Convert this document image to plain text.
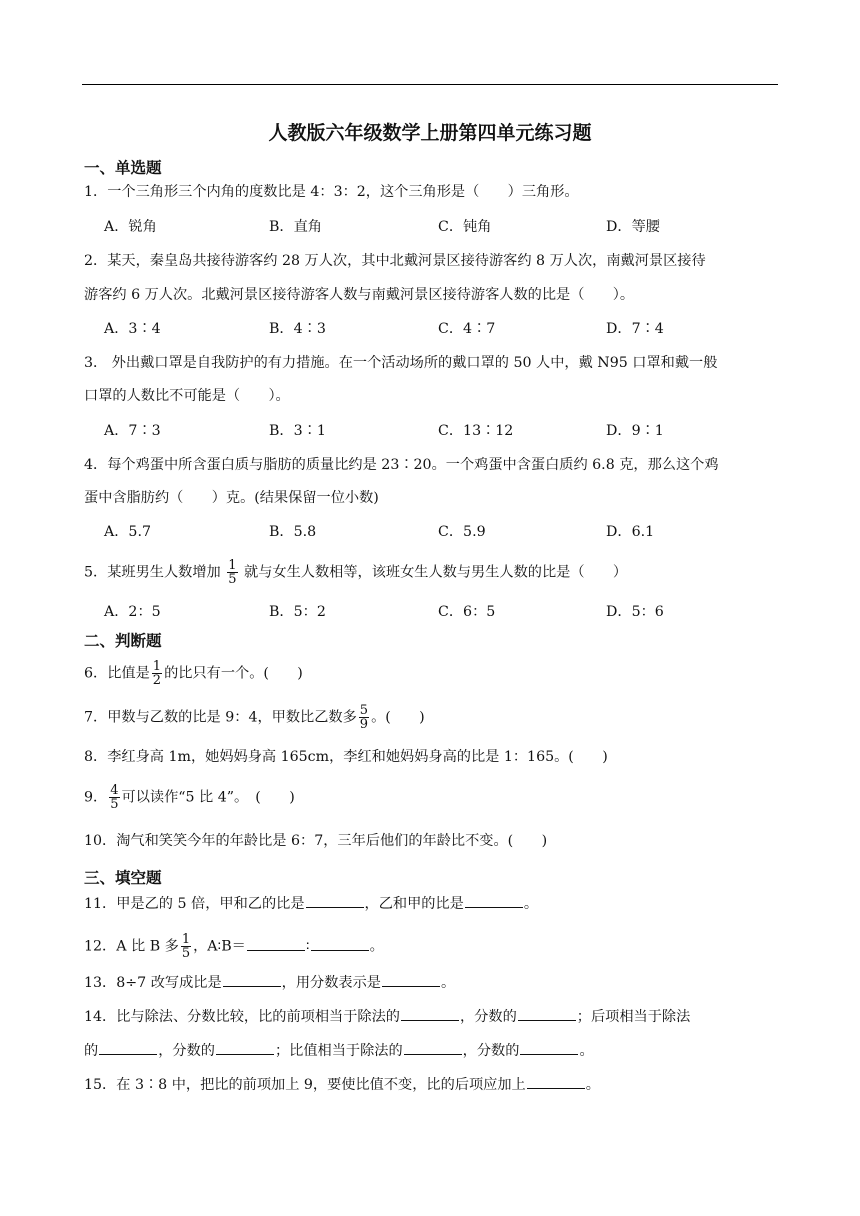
人教版六年级数学上册第四单元练习题
一、单选题
1．一个三角形三个内角的度数比是 4：3：2，这个三角形是（　　）三角形。
A．锐角	B．直角	C．钝角	D．等腰
2．某天，秦皇岛共接待游客约 28 万人次，其中北戴河景区接待游客约 8 万人次，南戴河景区接待
游客约 6 万人次。北戴河景区接待游客人数与南戴河景区接待游客人数的比是（　　）。
A．3∶4	B．4∶3	C．4∶7	D．7∶4
3． 外出戴口罩是自我防护的有力措施。在一个活动场所的戴口罩的 50 人中，戴 N95 口罩和戴一般
口罩的人数比不可能是（　　）。
A．7∶3	B．3∶1	C．13∶12	D．9∶1
4．每个鸡蛋中所含蛋白质与脂肪的质量比约是 23∶20。一个鸡蛋中含蛋白质约 6.8 克，那么这个鸡
蛋中含脂肪约（　　）克。(结果保留一位小数)
A．5.7	B．5.8	C．5.9	D．6.1
5．某班男生人数增加 $\frac{1}{5}$ 就与女生人数相等，该班女生人数与男生人数的比是（　　）
A．2：5	B．5：2	C．6：5	D．5：6
二、判断题
6．比值是 $\frac{1}{2}$ 的比只有一个。(　　)
7．甲数与乙数的比是 9：4，甲数比乙数多 $\frac{5}{9}$ 。(　　)
8．李红身高 1m，她妈妈身高 165cm，李红和她妈妈身高的比是 1：165。(　　)
9． $\frac{4}{5}$ 可以读作“5 比 4”。　(　　)
10．淘气和笑笑今年的年龄比是 6：7，三年后他们的年龄比不变。(　　)
三、填空题
11．甲是乙的 5 倍，甲和乙的比是	，乙和甲的比是	。
12．A 比 B 多 $\frac{1}{5}$ ，A∶B＝	∶	。
13．8÷7 改写成比是	，用分数表示是	。
14．比与除法、分数比较，比的前项相当于除法的	，分数的	；后项相当于除法
的	，分数的	；比值相当于除法的	，分数的	。
15．在 3∶8 中，把比的前项加上 9，要使比值不变，比的后项应加上	。
